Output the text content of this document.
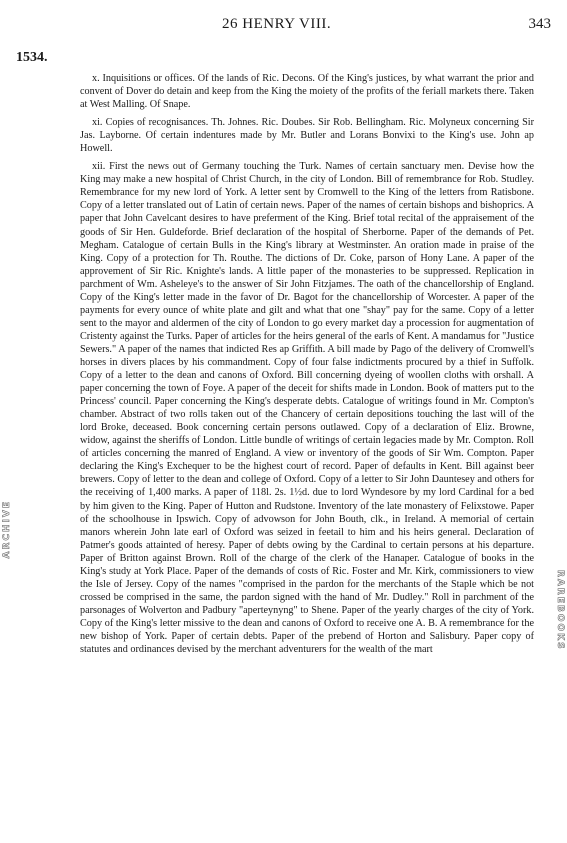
26 HENRY VIII.	343
1534.

x. Inquisitions or offices. Of the lands of Ric. Decons. Of the King's justices, by what warrant the prior and convent of Dover do detain and keep from the King the moiety of the profits of the feriall markets there. Taken at West Malling. Of Snape.

xi. Copies of recognisances. Th. Johnes. Ric. Doubes. Sir Rob. Bellingham. Ric. Molyneux concerning Sir Jas. Layborne. Of certain indentures made by Mr. Butler and Lorans Bonvixi to the King's use. John ap Howell.

xii. First the news out of Germany touching the Turk. Names of certain sanctuary men. Devise how the King may make a new hospital of Christ Church, in the city of London. Bill of remembrance for Rob. Studley. Remembrance for my new lord of York. A letter sent by Cromwell to the King of the letters from Ratisbone. Copy of a letter translated out of Latin of certain news. Paper of the names of certain bishops and bishoprics. A paper that John Cavelcant desires to have preferment of the King. Brief total recital of the appraisement of the goods of Sir Hen. Guldeforde. Brief declaration of the hospital of Sherborne. Paper of the demands of Pet. Megham. Catalogue of certain Bulls in the King's library at Westminster. An oration made in praise of the King. Copy of a protection for Th. Routhe. The dictions of Dr. Coke, parson of Hony Lane. A paper of the approvement of Sir Ric. Knighte's lands. A little paper of the monasteries to be suppressed. Replication in parchment of Wm. Asheleye's to the answer of Sir John Fitzjames. The oath of the chancellorship of England. Copy of the King's letter made in the favor of Dr. Bagot for the chancellorship of Worcester. A paper of the payments for every ounce of white plate and gilt and what that one "shay" pay for the same. Copy of a letter sent to the mayor and aldermen of the city of London to go every market day a procession for augmentation of Cristenty against the Turks. Paper of articles for the heirs general of the earls of Kent. A mandamus for "Justice Sewers." A paper of the names that indicted Res ap Griffith. A bill made by Pago of the delivery of Cromwell's horses in divers places by his commandment. Copy of four false indictments procured by a thief in Suffolk. Copy of a letter to the dean and canons of Oxford. Bill concerning dyeing of woollen cloths with orshall. A paper concerning the town of Foye. A paper of the deceit for shifts made in London. Book of matters put to the Princess' council. Paper concerning the King's desperate debts. Catalogue of writings found in Mr. Compton's chamber. Abstract of two rolls taken out of the Chancery of certain depositions touching the last will of the lord Broke, deceased. Book concerning certain persons outlawed. Copy of a declaration of Eliz. Browne, widow, against the sheriffs of London. Little bundle of writings of certain legacies made by Mr. Compton. Roll of articles concerning the manred of England. A view or inventory of the goods of Sir Wm. Compton. Paper declaring the King's Exchequer to be the highest court of record. Paper of defaults in Kent. Bill against beer brewers. Copy of letter to the dean and college of Oxford. Copy of a letter to Sir John Dauntesey and others for the receiving of 1,400 marks. A paper of 118l. 2s. 1½d. due to lord Wyndesore by my lord Cardinal for a bed by him given to the King. Paper of Hutton and Rudstone. Inventory of the late monastery of Felixstowe. Paper of the schoolhouse in Ipswich. Copy of advowson for John Bouth, clk., in Ireland. A memorial of certain manors wherein John late earl of Oxford was seized in feetail to him and his heirs general. Declaration of Patmer's goods attainted of heresy. Paper of debts owing by the Cardinal to certain persons at his departure. Paper of Britton against Brown. Roll of the charge of the clerk of the Hanaper. Catalogue of books in the King's study at York Place. Paper of the demands of costs of Ric. Foster and Mr. Kirk, commissioners to view the Isle of Jersey. Copy of the names "comprised in the pardon for the merchants of the Staple which be not crossed be comprised in the same, the pardon signed with the hand of Mr. Dudley." Roll in parchment of the parsonages of Wolverton and Padbury "aperteynyng" to Shene. Paper of the yearly charges of the city of York. Copy of the King's letter missive to the dean and canons of Oxford to receive one A. B. A remembrance for the new bishop of York. Paper of certain debts. Paper of the prebend of Horton and Salisbury. Paper copy of statutes and ordinances devised by the merchant adventurers for the wealth of the mart	RAREBOOKS
ARCHIVE
